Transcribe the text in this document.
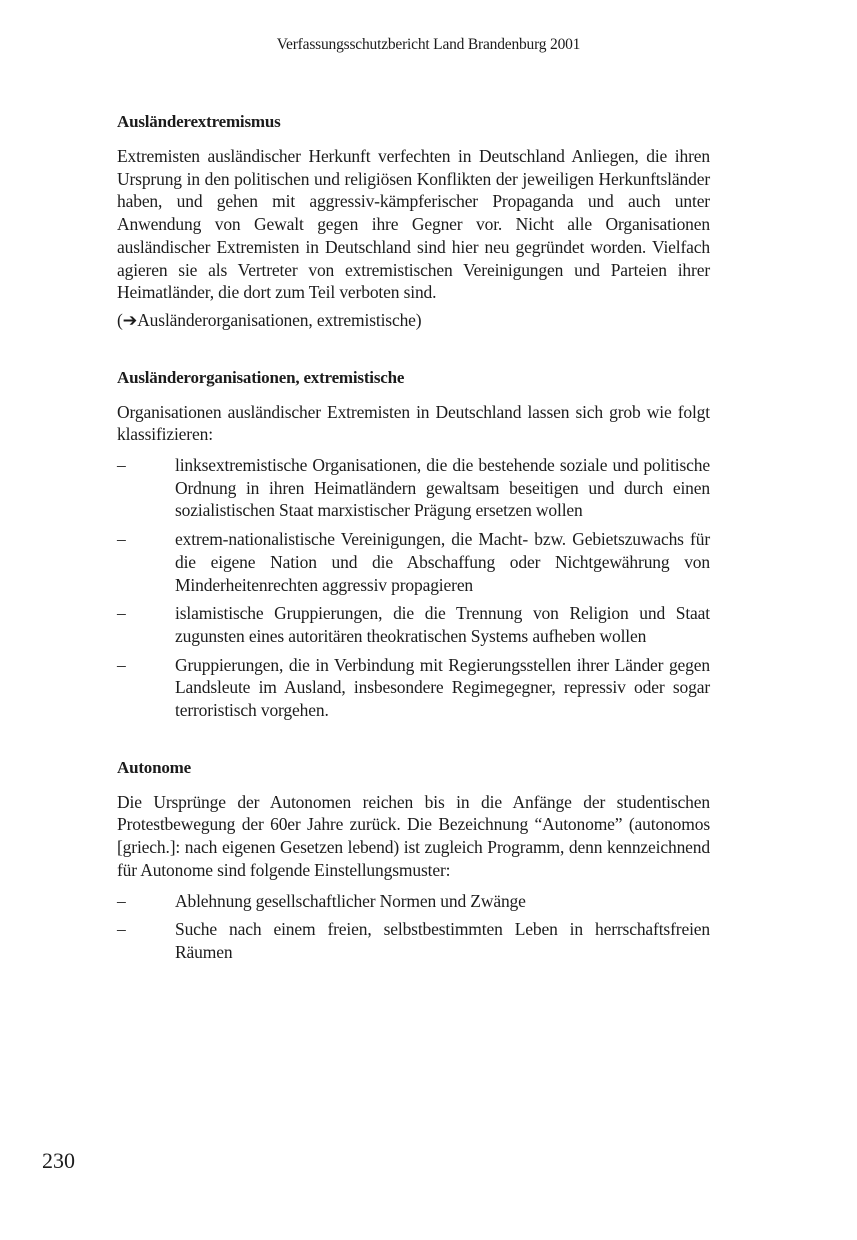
Verfassungsschutzbericht Land Brandenburg 2001
Ausländerextremismus

Extremisten ausländischer Herkunft verfechten in Deutschland Anliegen, die ihren Ursprung in den politischen und religiösen Konflikten der jeweiligen Herkunftsländer haben, und gehen mit aggressiv-kämpferischer Propaganda und auch unter Anwendung von Gewalt gegen ihre Gegner vor. Nicht alle Organisationen ausländischer Extremisten in Deutschland sind hier neu gegründet worden. Vielfach agieren sie als Vertreter von extremistischen Vereinigungen und Parteien ihrer Heimatländer, die dort zum Teil verboten sind.

(➔Ausländerorganisationen, extremistische)

Ausländerorganisationen, extremistische

Organisationen ausländischer Extremisten in Deutschland lassen sich grob wie folgt klassifizieren:

–	linksextremistische Organisationen, die die bestehende soziale und politische Ordnung in ihren Heimatländern gewaltsam beseitigen und durch einen sozialistischen Staat marxistischer Prägung ersetzen wollen
–	extrem-nationalistische Vereinigungen, die Macht- bzw. Gebietszuwachs für die eigene Nation und die Abschaffung oder Nichtgewährung von Minderheitenrechten aggressiv propagieren
–	islamistische Gruppierungen, die die Trennung von Religion und Staat zugunsten eines autoritären theokratischen Systems aufheben wollen
–	Gruppierungen, die in Verbindung mit Regierungsstellen ihrer Länder gegen Landsleute im Ausland, insbesondere Regimegegner, repressiv oder sogar terroristisch vorgehen.
Autonome

Die Ursprünge der Autonomen reichen bis in die Anfänge der studentischen Protestbewegung der 60er Jahre zurück. Die Bezeichnung “Autonome” (autonomos [griech.]: nach eigenen Gesetzen lebend) ist zugleich Programm, denn kennzeichnend für Autonome sind folgende Einstellungsmuster:

–	Ablehnung gesellschaftlicher Normen und Zwänge
–	Suche nach einem freien, selbstbestimmten Leben in herrschaftsfreien Räumen
230
